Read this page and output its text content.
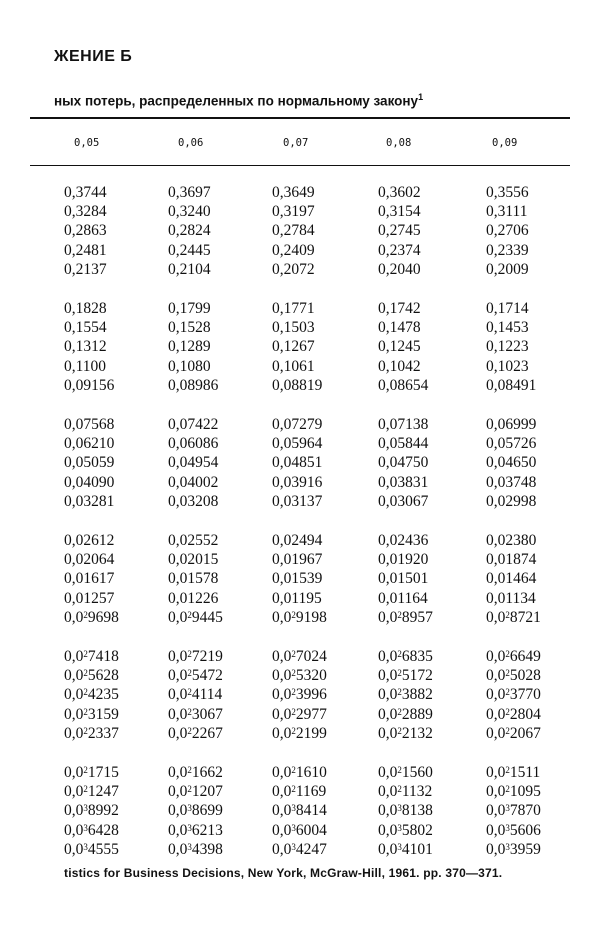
ЖЕНИЕ Б
ных потерь, распределенных по нормальному закону$^1$
0,05	0,06	0,07	0,08	0,09
0,3744	0,3697	0,3649	0,3602	0,3556
0,3284	0,3240	0,3197	0,3154	0,3111
0,2863	0,2824	0,2784	0,2745	0,2706
0,2481	0,2445	0,2409	0,2374	0,2339
0,2137	0,2104	0,2072	0,2040	0,2009
0,1828	0,1799	0,1771	0,1742	0,1714
0,1554	0,1528	0,1503	0,1478	0,1453
0,1312	0,1289	0,1267	0,1245	0,1223
0,1100	0,1080	0,1061	0,1042	0,1023
0,09156	0,08986	0,08819	0,08654	0,08491
0,07568	0,07422	0,07279	0,07138	0,06999
0,06210	0,06086	0,05964	0,05844	0,05726
0,05059	0,04954	0,04851	0,04750	0,04650
0,04090	0,04002	0,03916	0,03831	0,03748
0,03281	0,03208	0,03137	0,03067	0,02998
0,02612	0,02552	0,02494	0,02436	0,02380
0,02064	0,02015	0,01967	0,01920	0,01874
0,01617	0,01578	0,01539	0,01501	0,01464
0,01257	0,01226	0,01195	0,01164	0,01134
$0,0^29698$	$0,0^29445$	$0,0^29198$	$0,0^28957$	$0,0^28721$
$0,0^27418$	$0,0^27219$	$0,0^27024$	$0,0^26835$	$0,0^26649$
$0,0^25628$	$0,0^25472$	$0,0^25320$	$0,0^25172$	$0,0^25028$
$0,0^24235$	$0,0^24114$	$0,0^23996$	$0,0^23882$	$0,0^23770$
$0,0^23159$	$0,0^23067$	$0,0^22977$	$0,0^22889$	$0,0^22804$
$0,0^22337$	$0,0^22267$	$0,0^22199$	$0,0^22132$	$0,0^22067$
$0,0^21715$	$0,0^21662$	$0,0^21610$	$0,0^21560$	$0,0^21511$
$0,0^21247$	$0,0^21207$	$0,0^21169$	$0,0^21132$	$0,0^21095$
$0,0^38992$	$0,0^38699$	$0,0^38414$	$0,0^38138$	$0,0^37870$
$0,0^36428$	$0,0^36213$	$0,0^36004$	$0,0^35802$	$0,0^35606$
$0,0^34555$	$0,0^34398$	$0,0^34247$	$0,0^34101$	$0,0^33959$
tistics for Business Decisions, New York, McGraw-Hill, 1961. pp. 370—371.
